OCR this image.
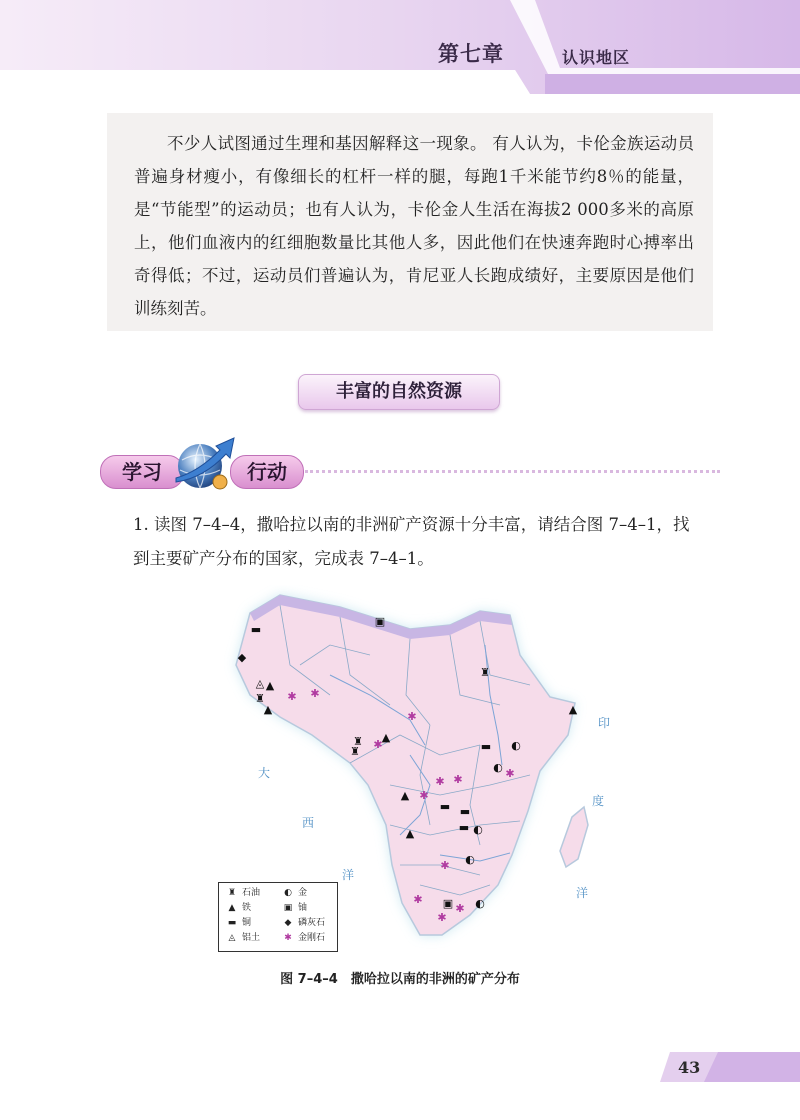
第七章	认识地区

不少人试图通过生理和基因解释这一现象。 有人认为，卡伦金族运动员普遍身材瘦小，有像细长的杠杆一样的腿，每跑1千米能节约8％的能量，是“节能型”的运动员；也有人认为，卡伦金人生活在海拔2 000多米的高原上，他们血液内的红细胞数量比其他人多，因此他们在快速奔跑时心搏率出奇得低；不过，运动员们普遍认为，肯尼亚人长跑成绩好，主要原因是他们训练刻苦。

丰富的自然资源
学习	行动

1. 读图 7–4–4，撒哈拉以南的非洲矿产资源十分丰富，请结合图 7–4–1，找到主要矿产分布的国家，完成表 7–4–1。

大
西
洋
印
度
洋
▬
▣
◆
◬ ▲
♜
▲
✱ ✱
✱
♜
▲
♜ ▲
✱
♜	▬ ◐
◐ ✱
✱ ✱
▲ ✱
▬ ▬
▲	▬ ◐
✱ ◐
✱ ▣ ✱ ◐
✱
♜ 石油	◐ 金
▲ 铁	▣ 铀
▬ 铜	◆ 磷灰石
◬ 铝土	✱ 金刚石
图 7–4–4　撒哈拉以南的非洲的矿产分布
43
